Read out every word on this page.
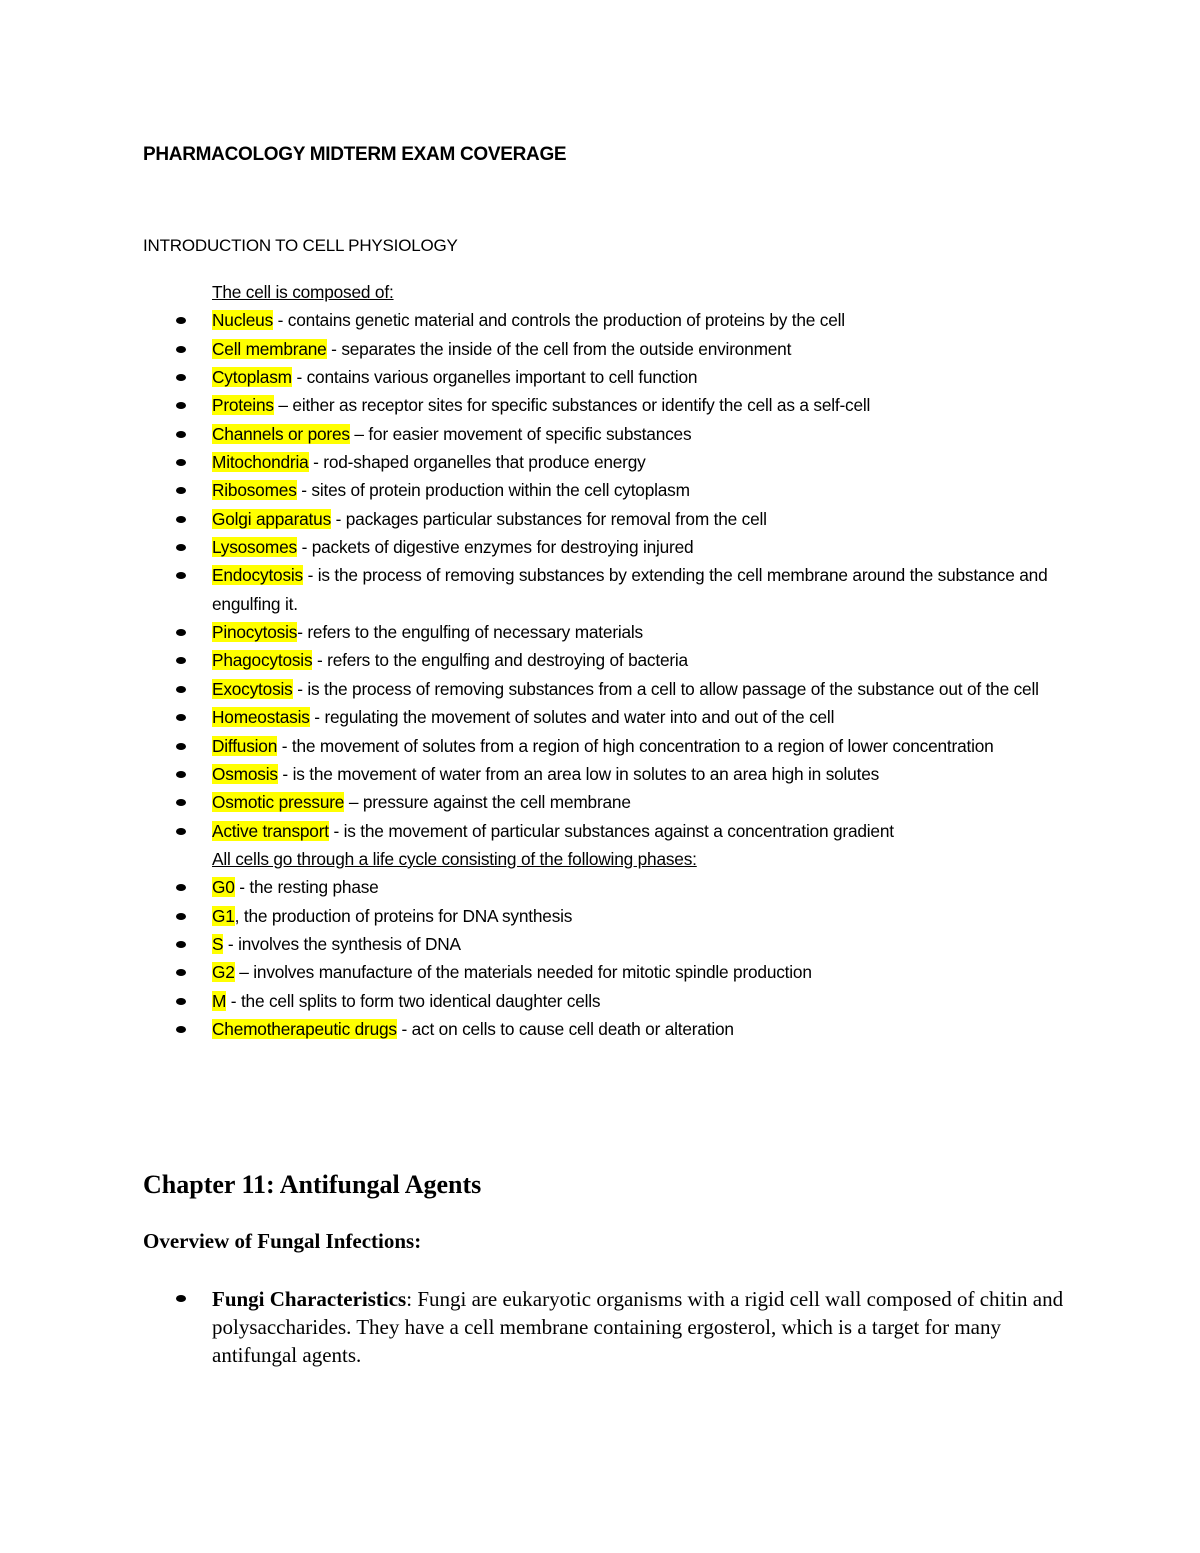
PHARMACOLOGY MIDTERM EXAM COVERAGE
INTRODUCTION TO CELL PHYSIOLOGY
The cell is composed of:
Nucleus - contains genetic material and controls the production of proteins by the cell
Cell membrane - separates the inside of the cell from the outside environment
Cytoplasm - contains various organelles important to cell function
Proteins – either as receptor sites for specific substances or identify the cell as a self-cell
Channels or pores – for easier movement of specific substances
Mitochondria - rod-shaped organelles that produce energy
Ribosomes - sites of protein production within the cell cytoplasm
Golgi apparatus - packages particular substances for removal from the cell
Lysosomes - packets of digestive enzymes for destroying injured
Endocytosis - is the process of removing substances by extending the cell membrane around the substance and engulfing it.
Pinocytosis- refers to the engulfing of necessary materials
Phagocytosis - refers to the engulfing and destroying of bacteria
Exocytosis - is the process of removing substances from a cell to allow passage of the substance out of the cell
Homeostasis - regulating the movement of solutes and water into and out of the cell
Diffusion - the movement of solutes from a region of high concentration to a region of lower concentration
Osmosis - is the movement of water from an area low in solutes to an area high in solutes
Osmotic pressure – pressure against the cell membrane
Active transport - is the movement of particular substances against a concentration gradient
All cells go through a life cycle consisting of the following phases:
G0 - the resting phase
G1, the production of proteins for DNA synthesis
S - involves the synthesis of DNA
G2 – involves manufacture of the materials needed for mitotic spindle production
M - the cell splits to form two identical daughter cells
Chemotherapeutic drugs - act on cells to cause cell death or alteration
Chapter 11: Antifungal Agents
Overview of Fungal Infections:
Fungi Characteristics: Fungi are eukaryotic organisms with a rigid cell wall composed of chitin and polysaccharides. They have a cell membrane containing ergosterol, which is a target for many antifungal agents.
